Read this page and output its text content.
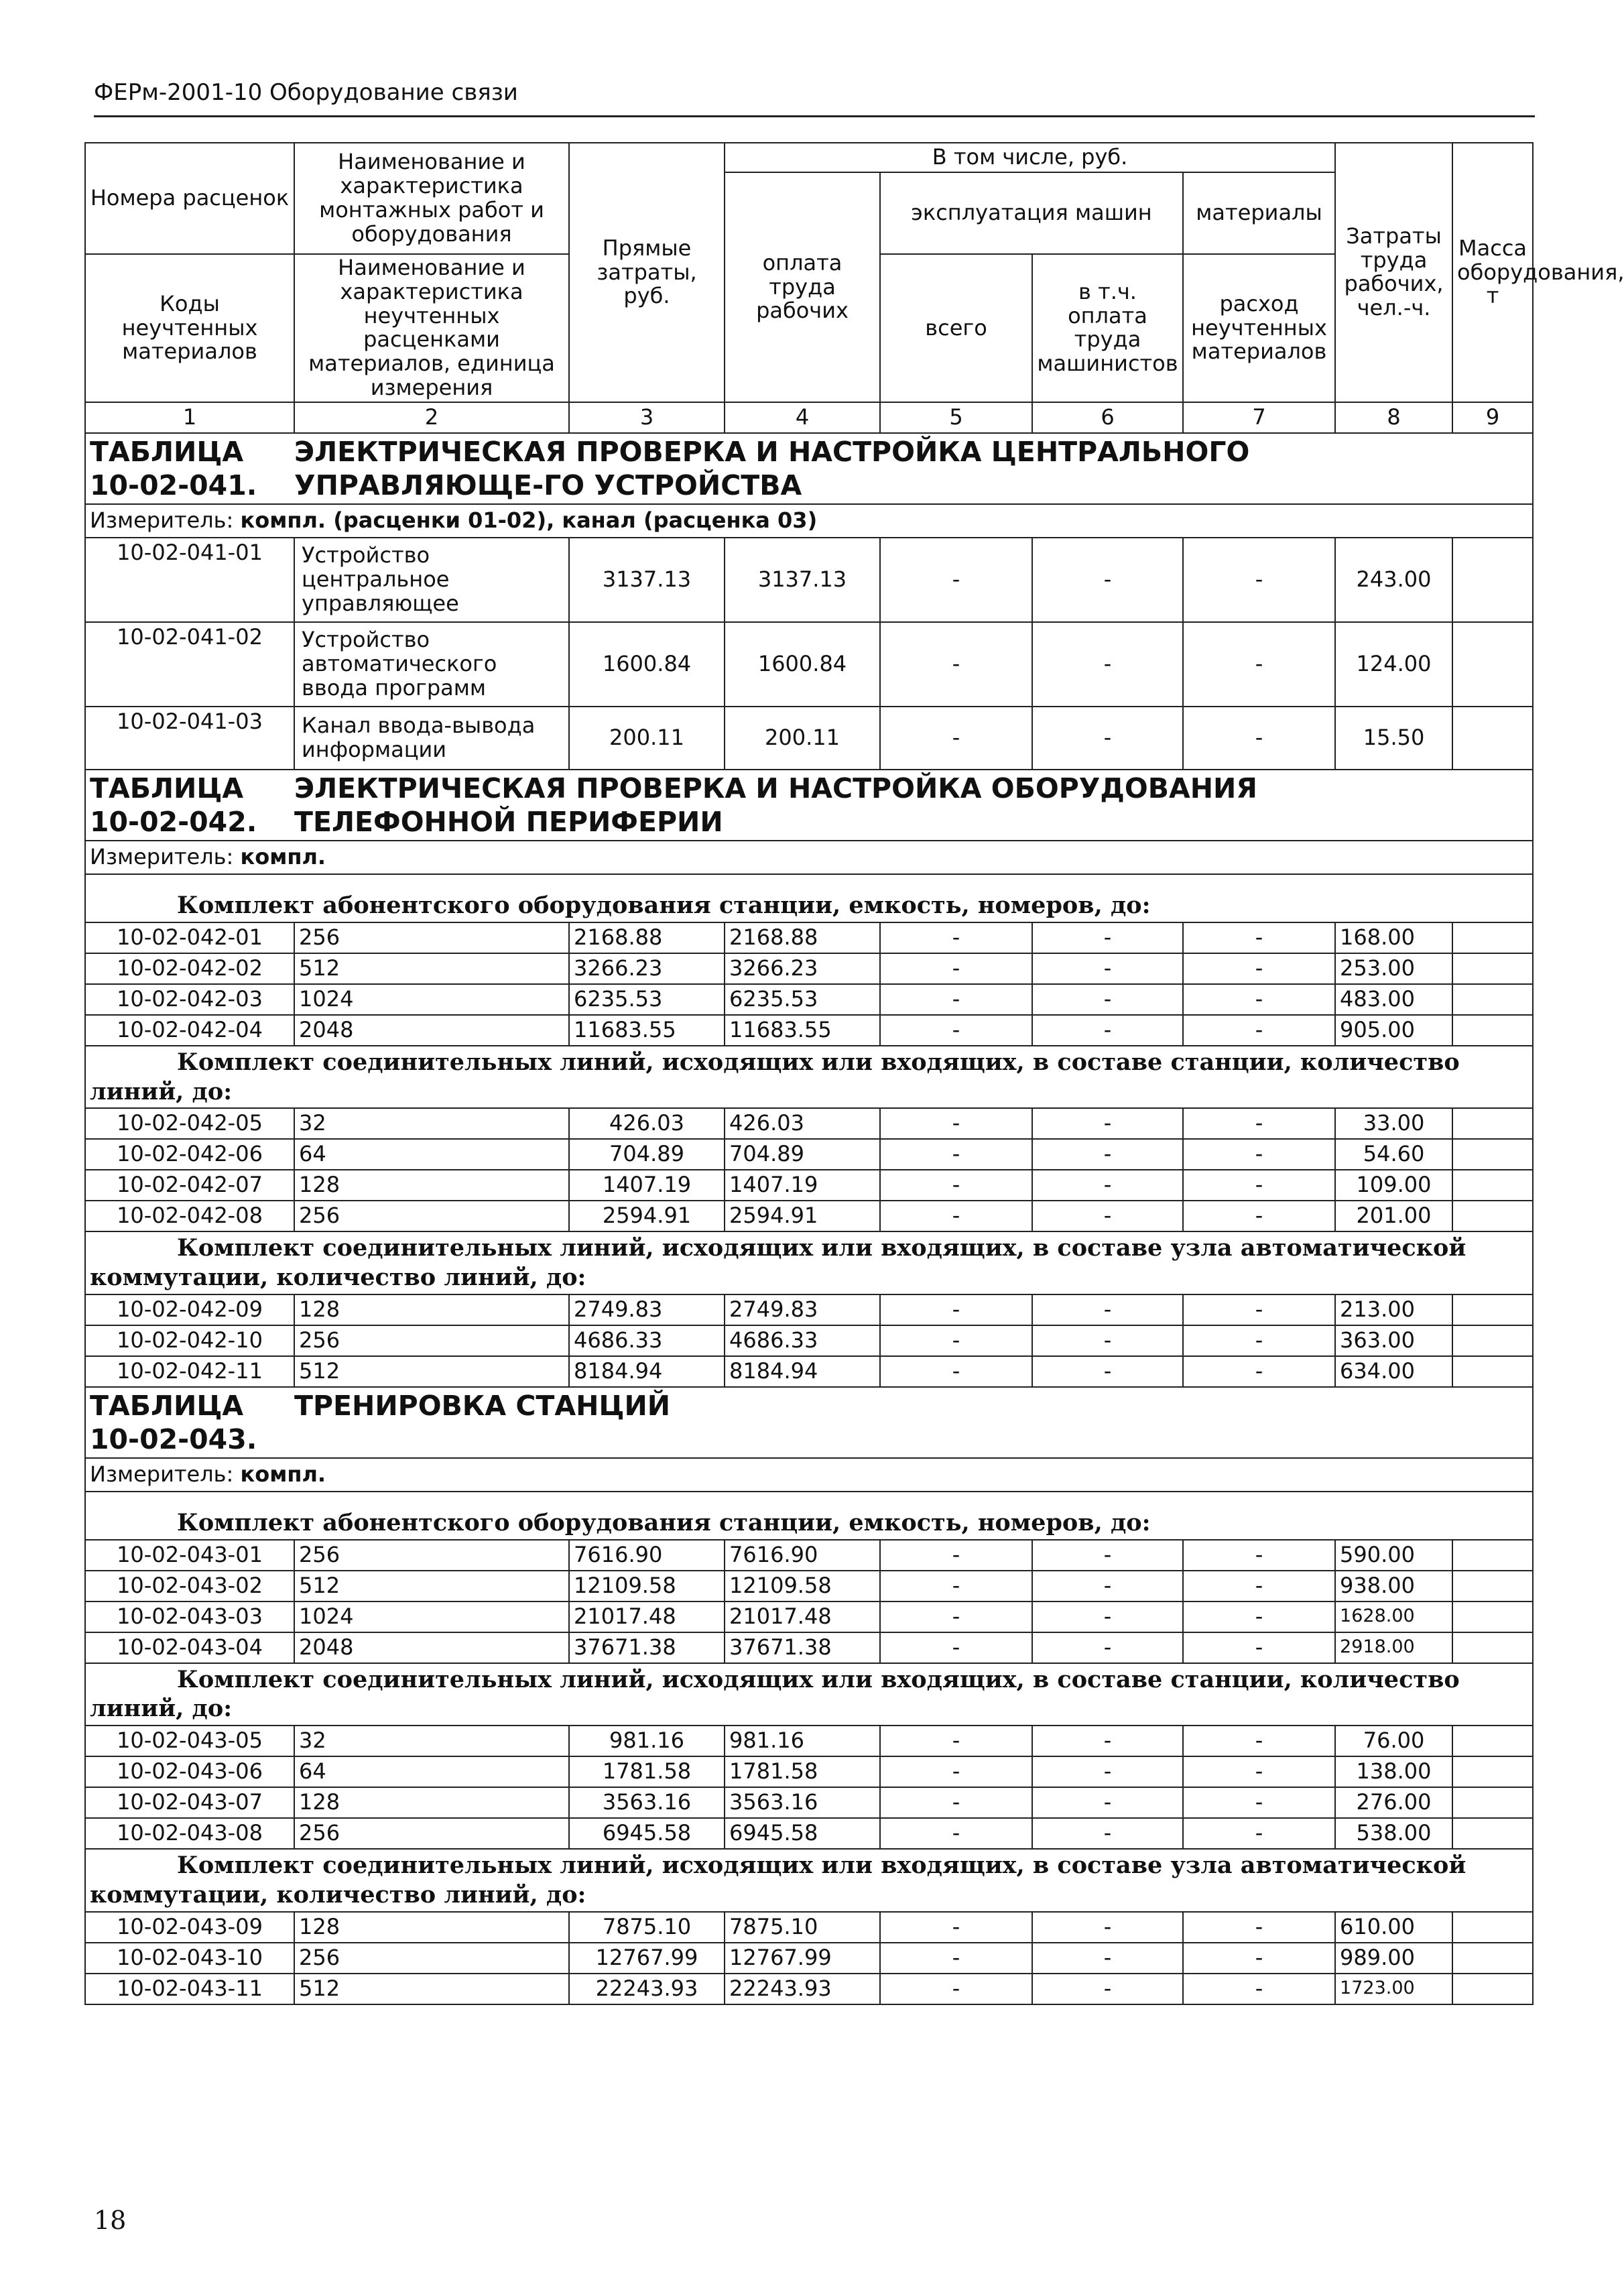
ФЕРм-2001-10 Оборудование связи
Номера расценок	Наименование и характеристика монтажных работ и оборудования	Прямые затраты, руб.	В том числе, руб.				Затраты труда рабочих, чел.-ч.	Масса оборудования, т
			оплата труда рабочих	эксплуатация машин		материалы		
Коды неучтенных материалов	Наименование и характеристика неучтенных расценками материалов, единица измерения			всего	в т.ч. оплата труда машинистов	расход неучтенных материалов		

1	2	3	4	5	6	7	8	9
ТАБЛИЦА 10-02-041.ЭЛЕКТРИЧЕСКАЯ ПРОВЕРКА И НАСТРОЙКА ЦЕНТРАЛЬНОГО УПРАВЛЯЮЩЕ-ГО УСТРОЙСТВА								
Измеритель: компл. (расценки 01-02), канал (расценка 03)								
10-02-041-01	Устройство центральное управляющее	3137.13	3137.13	-	-	-	243.00	
10-02-041-02	Устройство автоматического ввода программ	1600.84	1600.84	-	-	-	124.00	
10-02-041-03	Канал ввода-вывода информации	200.11	200.11	-	-	-	15.50	
ТАБЛИЦА 10-02-042.ЭЛЕКТРИЧЕСКАЯ ПРОВЕРКА И НАСТРОЙКА ОБОРУДОВАНИЯ ТЕЛЕФОННОЙ ПЕРИФЕРИИ								
Измеритель: компл.								
Комплект абонентского оборудования станции, емкость, номеров, до:								
10-02-042-01	256	2168.88	2168.88	-	-	-	168.00	
10-02-042-02	512	3266.23	3266.23	-	-	-	253.00	
10-02-042-03	1024	6235.53	6235.53	-	-	-	483.00	
10-02-042-04	2048	11683.55	11683.55	-	-	-	905.00	
Комплект соединительных линий, исходящих или входящих, в составе станции, количество линий, до:								
10-02-042-05	32	426.03	426.03	-	-	-	33.00	
10-02-042-06	64	704.89	704.89	-	-	-	54.60	
10-02-042-07	128	1407.19	1407.19	-	-	-	109.00	
10-02-042-08	256	2594.91	2594.91	-	-	-	201.00	
Комплект соединительных линий, исходящих или входящих, в составе узла автоматической коммутации, количество линий, до:								
10-02-042-09	128	2749.83	2749.83	-	-	-	213.00	
10-02-042-10	256	4686.33	4686.33	-	-	-	363.00	
10-02-042-11	512	8184.94	8184.94	-	-	-	634.00	
ТАБЛИЦА 10-02-043.ТРЕНИРОВКА СТАНЦИЙ								
Измеритель: компл.								
Комплект абонентского оборудования станции, емкость, номеров, до:								
10-02-043-01	256	7616.90	7616.90	-	-	-	590.00	
10-02-043-02	512	12109.58	12109.58	-	-	-	938.00	
10-02-043-03	1024	21017.48	21017.48	-	-	-	1628.00	
10-02-043-04	2048	37671.38	37671.38	-	-	-	2918.00	
Комплект соединительных линий, исходящих или входящих, в составе станции, количество линий, до:								
10-02-043-05	32	981.16	981.16	-	-	-	76.00	
10-02-043-06	64	1781.58	1781.58	-	-	-	138.00	
10-02-043-07	128	3563.16	3563.16	-	-	-	276.00	
10-02-043-08	256	6945.58	6945.58	-	-	-	538.00	
Комплект соединительных линий, исходящих или входящих, в составе узла автоматической коммутации, количество линий, до:								
10-02-043-09	128	7875.10	7875.10	-	-	-	610.00	
10-02-043-10	256	12767.99	12767.99	-	-	-	989.00	
10-02-043-11	512	22243.93	22243.93	-	-	-	1723.00	
18
